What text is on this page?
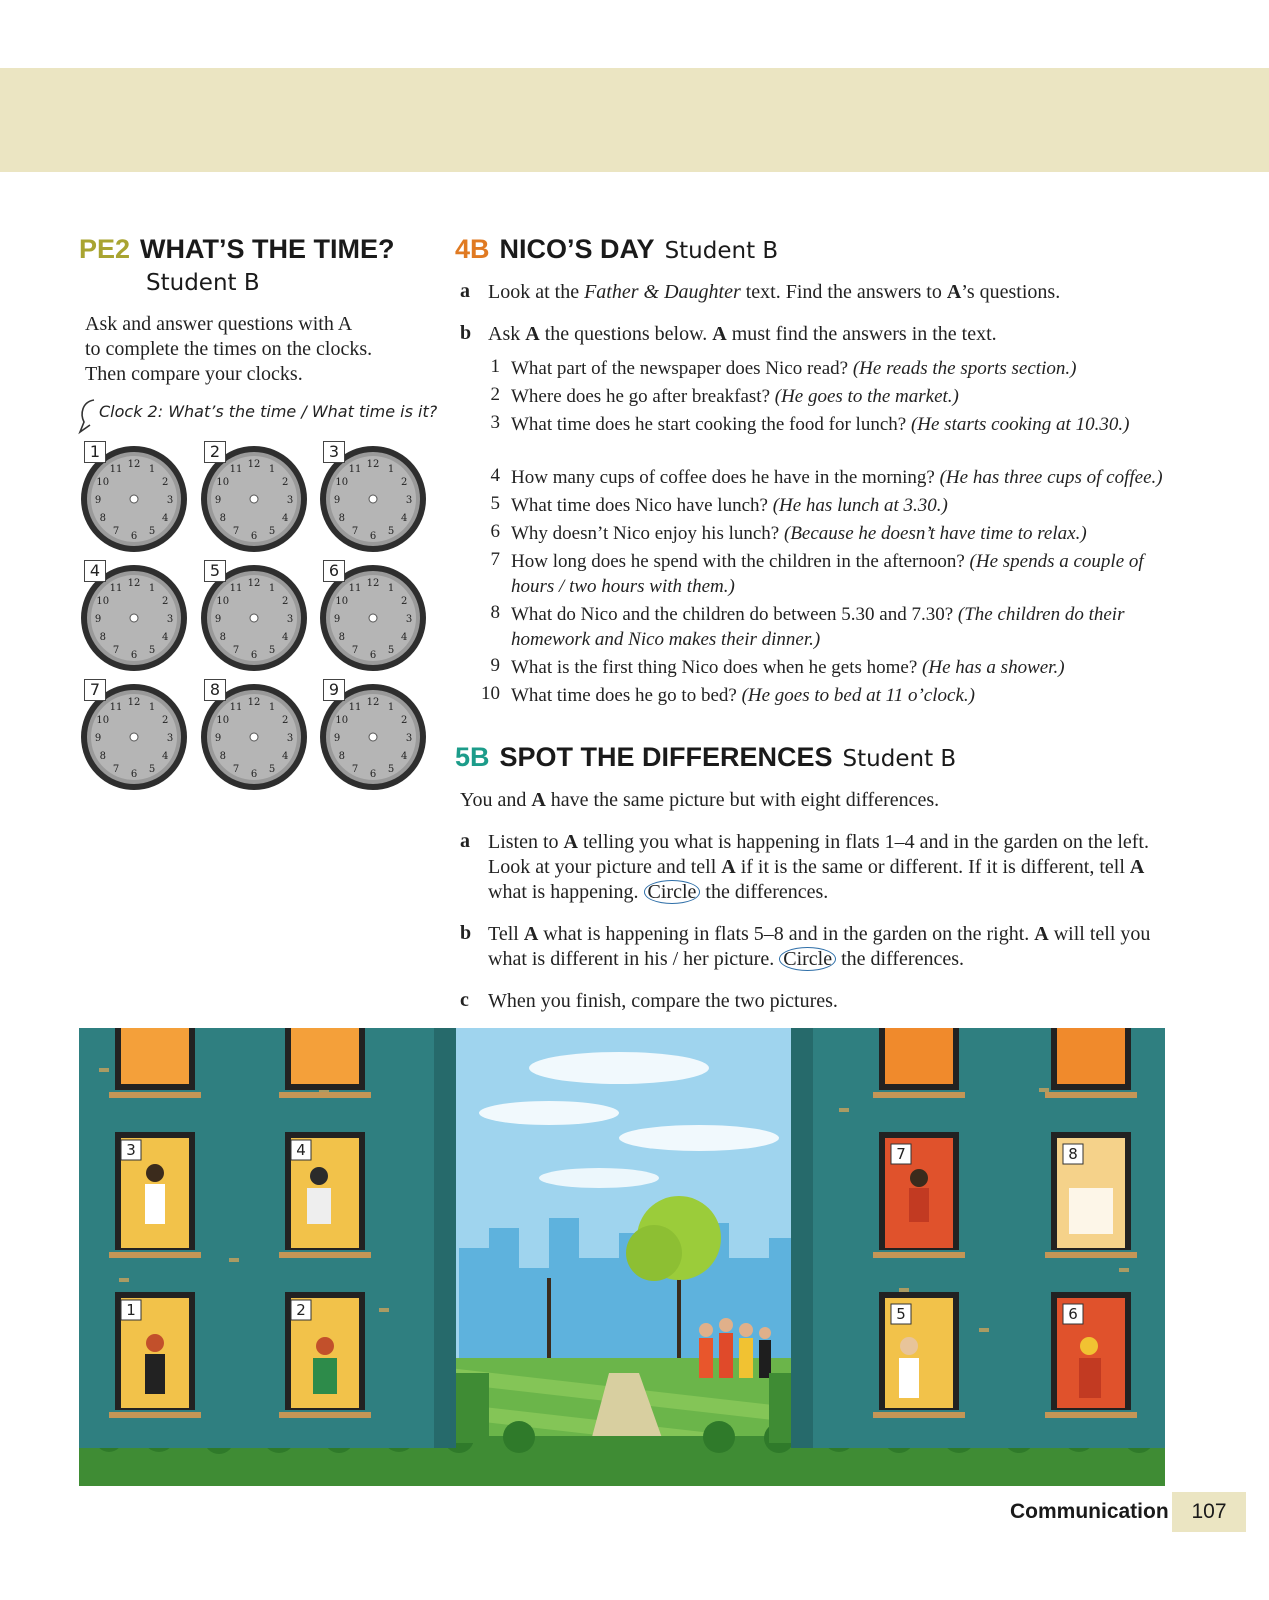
PE2 WHAT’S THE TIME?
Student B
Ask and answer questions with A
to complete the times on the clocks.
Then compare your clocks.
Clock 2: What’s the time / What time is it?
12 1
2
3
4
5
6
7
8
9
10
11
1
12 1
2
3
4
5
6
7
8
9
10
11
2
12 1
2
3
4
5
6
7
8
9
10
11
3
12 1
2
3
4
5
6
7
8
9
10
11
4
12 1
2
3
4
5
6
7
8
9
10
11
5
12 1
2
3
4
5
6
7
8
9
10
11
6
12 1
2
3
4
5
6
7
8
9
10
11
7
12 1
2
3
4
5
6
7
8
9
10
11
8
12 1
2
3
4
5
6
7
8
9
10
11
9
4B NICO’S DAY Student B
a Look at the Father & Daughter text. Find the answers to A’s questions.
b Ask A the questions below. A must find the answers in the text.
1 What part of the newspaper does Nico read? (He reads the sports section.)
2 Where does he go after breakfast? (He goes to the market.)
3 What time does he start cooking the food for lunch? (He starts cooking at 10.30.)
4 How many cups of coffee does he have in the morning? (He has three cups of coffee.)
5 What time does Nico have lunch? (He has lunch at 3.30.)
6 Why doesn’t Nico enjoy his lunch? (Because he doesn’t have time to relax.)
7 How long does he spend with the children in the afternoon? (He spends a couple of hours / two hours with them.)
8 What do Nico and the children do between 5.30 and 7.30? (The children do their homework and Nico makes their dinner.)
9 What is the first thing Nico does when he gets home? (He has a shower.)
10 What time does he go to bed? (He goes to bed at 11 o’clock.)
5B SPOT THE DIFFERENCES Student B
You and A have the same picture but with eight differences.
a Listen to A telling you what is happening in flats 1–4 and in the garden on the left. Look at your picture and tell A if it is the same or different. If it is different, tell A what is happening. Circle the differences.
b Tell A what is happening in flats 5–8 and in the garden on the right. A will tell you what is different in his / her picture. Circle the differences.
c When you finish, compare the two pictures.
3	4	7	8
1	2	5	6
Communication	107
